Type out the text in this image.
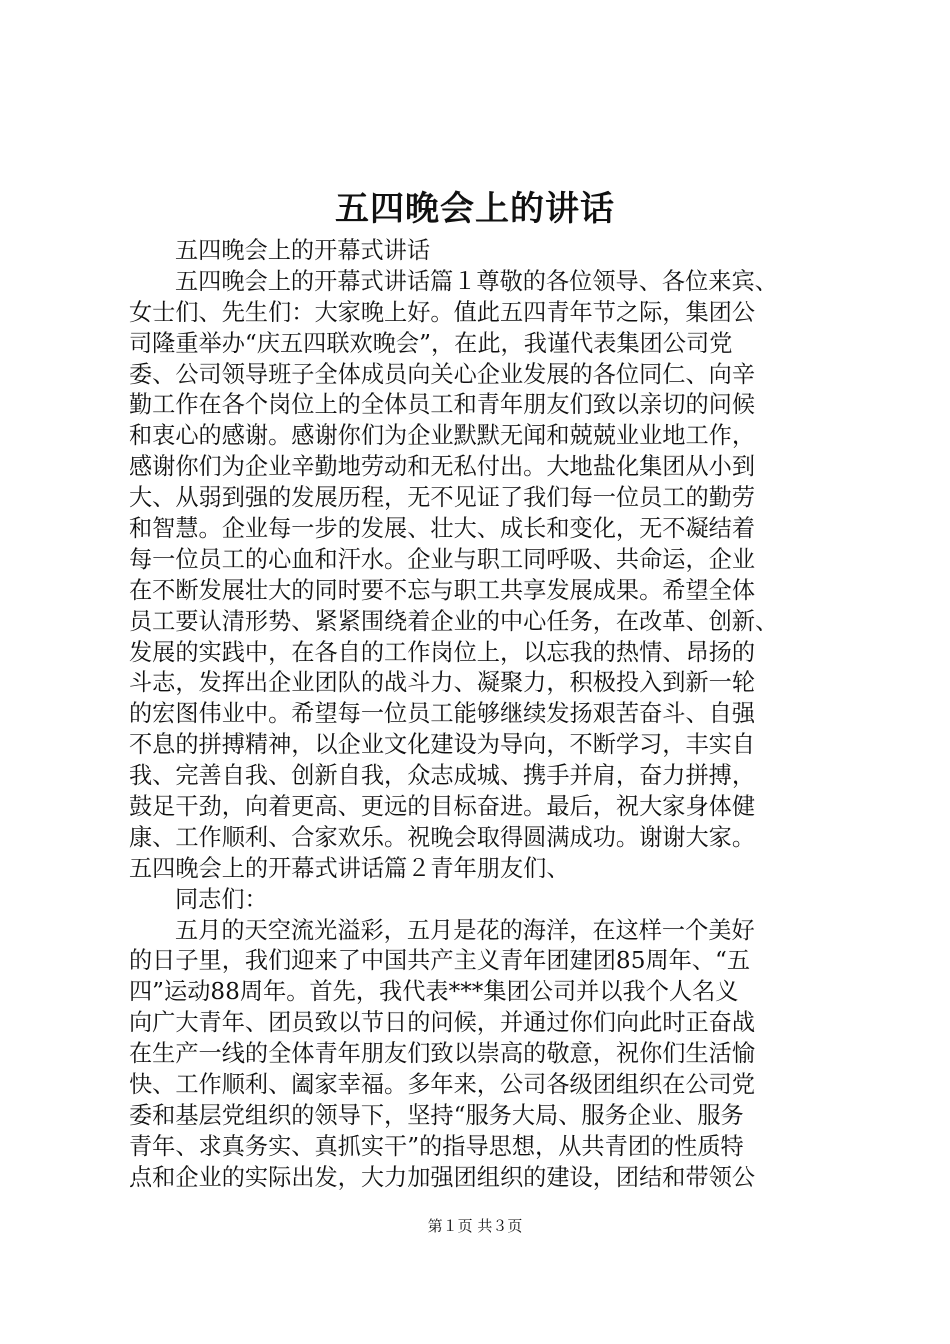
五四晚会上的讲话
五四晚会上的开幕式讲话
五四晚会上的开幕式讲话篇１尊敬的各位领导、各位来宾、
女士们、先生们：大家晚上好。值此五四青年节之际，集团公
司隆重举办“庆五四联欢晚会”，在此，我谨代表集团公司党
委、公司领导班子全体成员向关心企业发展的各位同仁、向辛
勤工作在各个岗位上的全体员工和青年朋友们致以亲切的问候
和衷心的感谢。感谢你们为企业默默无闻和兢兢业业地工作，
感谢你们为企业辛勤地劳动和无私付出。大地盐化集团从小到
大、从弱到强的发展历程，无不见证了我们每一位员工的勤劳
和智慧。企业每一步的发展、壮大、成长和变化，无不凝结着
每一位员工的心血和汗水。企业与职工同呼吸、共命运，企业
在不断发展壮大的同时要不忘与职工共享发展成果。希望全体
员工要认清形势、紧紧围绕着企业的中心任务，在改革、创新、
发展的实践中，在各自的工作岗位上，以忘我的热情、昂扬的
斗志，发挥出企业团队的战斗力、凝聚力，积极投入到新一轮
的宏图伟业中。希望每一位员工能够继续发扬艰苦奋斗、自强
不息的拼搏精神，以企业文化建设为导向，不断学习，丰实自
我、完善自我、创新自我，众志成城、携手并肩，奋力拼搏，
鼓足干劲，向着更高、更远的目标奋进。最后，祝大家身体健
康、工作顺利、合家欢乐。祝晚会取得圆满成功。谢谢大家。
五四晚会上的开幕式讲话篇２青年朋友们、
同志们：
五月的天空流光溢彩，五月是花的海洋，在这样一个美好
的日子里，我们迎来了中国共产主义青年团建团85周年、“五
四”运动88周年。首先，我代表***集团公司并以我个人名义
向广大青年、团员致以节日的问候，并通过你们向此时正奋战
在生产一线的全体青年朋友们致以崇高的敬意，祝你们生活愉
快、工作顺利、阖家幸福。多年来，公司各级团组织在公司党
委和基层党组织的领导下，坚持“服务大局、服务企业、服务
青年、求真务实、真抓实干”的指导思想，从共青团的性质特
点和企业的实际出发，大力加强团组织的建设，团结和带领公
第１页 共３页
